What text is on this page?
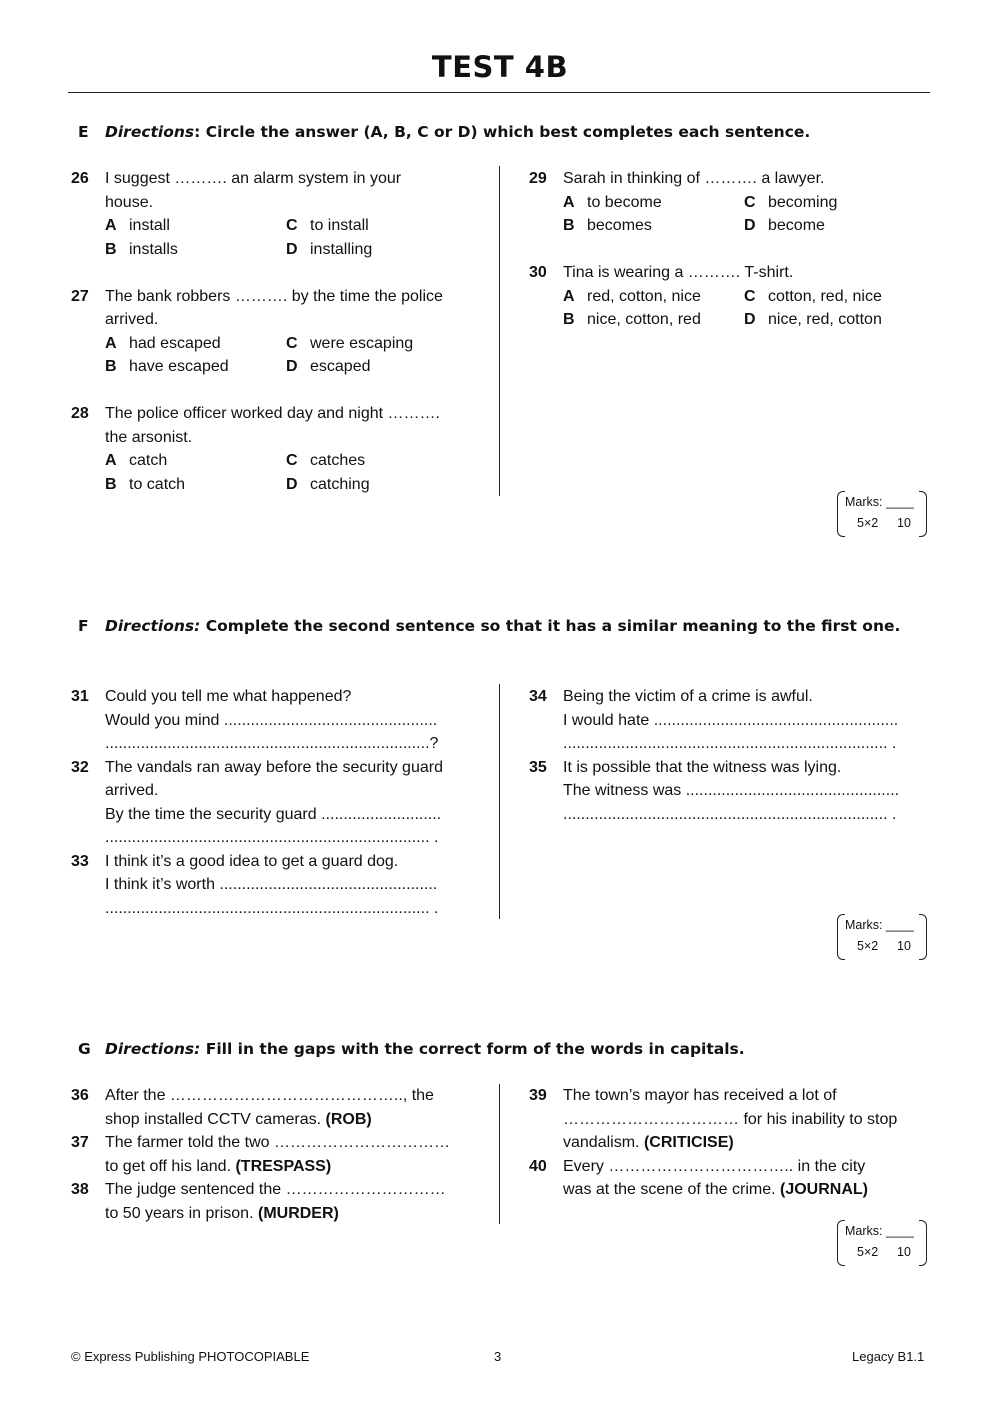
TEST 4B
E Directions: Circle the answer (A, B, C or D) which best completes each sentence.
26 I suggest ………. an alarm system in your
house.
A install	C to install
B installs	D installing
27 The bank robbers ………. by the time the police
arrived.
A had escaped	C were escaping
B have escaped	D escaped
28 The police officer worked day and night ……….
the arsonist.
A catch	C catches
B to catch	D catching
29 Sarah in thinking of ………. a lawyer.
A to become	C becoming
B becomes	D become
30 Tina is wearing a ………. T-shirt.
A red, cotton, nice	C cotton, red, nice
B nice, cotton, red	D nice, red, cotton
Marks: ____
5×2 10
F Directions: Complete the second sentence so that it has a similar meaning to the first one.
31 Could you tell me what happened?
Would you mind ................................................
.........................................................................?
32 The vandals ran away before the security guard
arrived.
By the time the security guard ...........................
......................................................................... .
33 I think it’s a good idea to get a guard dog.
I think it’s worth .................................................
......................................................................... .
34 Being the victim of a crime is awful.
I would hate .......................................................
......................................................................... .
35 It is possible that the witness was lying.
The witness was ................................................
......................................................................... .
Marks: ____
5×2 10
G Directions: Fill in the gaps with the correct form of the words in capitals.
36 After the …………………………………….., the
shop installed CCTV cameras. (ROB)
37 The farmer told the two ……………………………
to get off his land. (TRESPASS)
38 The judge sentenced the …………………………
to 50 years in prison. (MURDER)
39 The town’s mayor has received a lot of
…………………………… for his inability to stop
vandalism. (CRITICISE)
40 Every …………………………….. in the city
was at the scene of the crime. (JOURNAL)
Marks: ____
5×2 10
© Express Publishing PHOTOCOPIABLE	3	Legacy B1.1
